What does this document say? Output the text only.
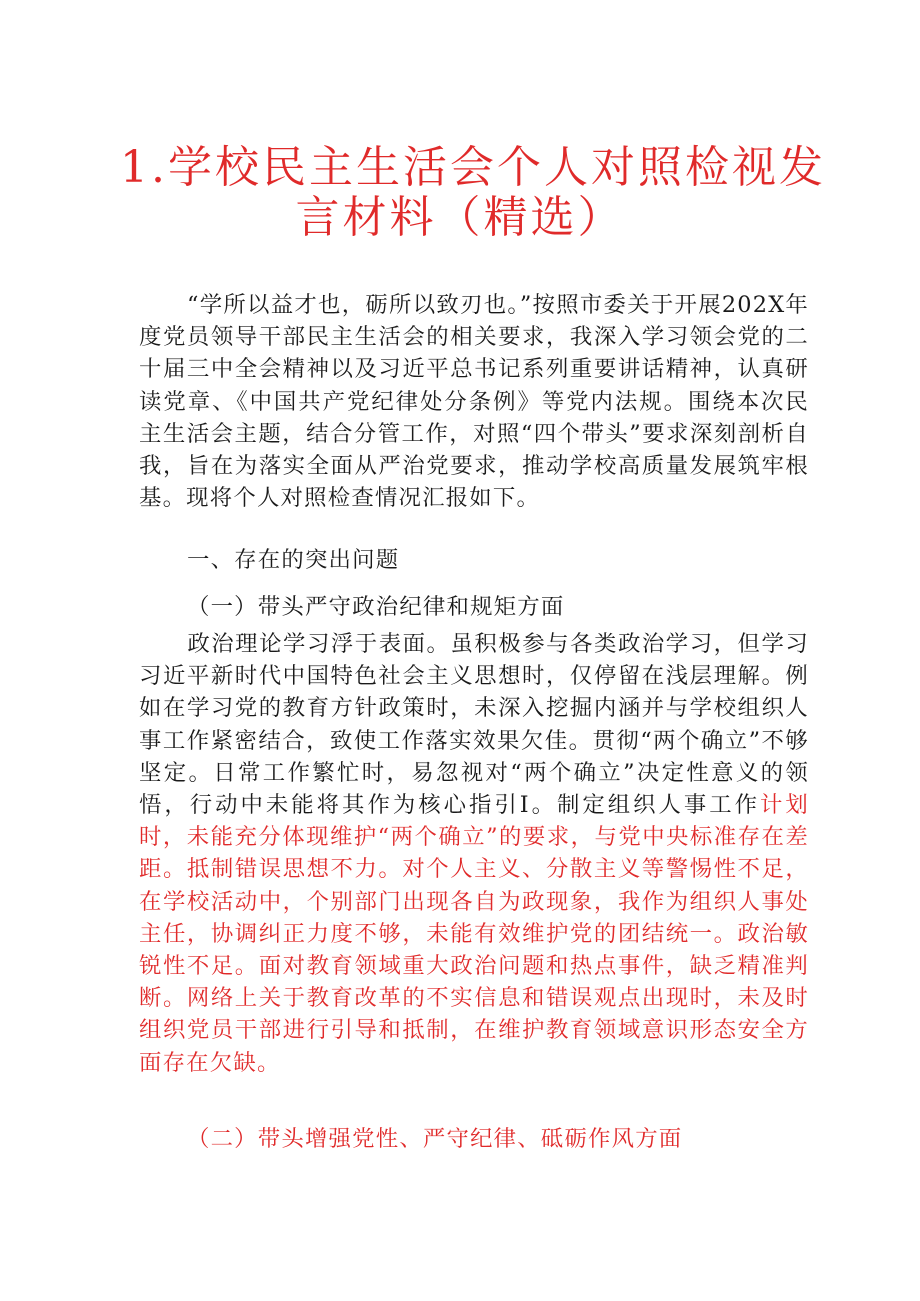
1.学校民主生活会个人对照检视发
言材料（精选）

“学所以益才也，砺所以致刃也。”按照市委关于开展202X年度党员领导干部民主生活会的相关要求，我深入学习领会党的二十届三中全会精神以及习近平总书记系列重要讲话精神，认真研读党章、《中国共产党纪律处分条例》等党内法规。围绕本次民主生活会主题，结合分管工作，对照“四个带头”要求深刻剖析自我，旨在为落实全面从严治党要求，推动学校高质量发展筑牢根基。现将个人对照检查情况汇报如下。

一、存在的突出问题

（一）带头严守政治纪律和规矩方面

政治理论学习浮于表面。虽积极参与各类政治学习，但学习习近平新时代中国特色社会主义思想时，仅停留在浅层理解。例如在学习党的教育方针政策时，未深入挖掘内涵并与学校组织人事工作紧密结合，致使工作落实效果欠佳。贯彻“两个确立”不够坚定。日常工作繁忙时，易忽视对“两个确立”决定性意义的领悟，行动中未能将其作为核心指引I。制定组织人事工作计划时，未能充分体现维护“两个确立”的要求，与党中央标准存在差距。抵制错误思想不力。对个人主义、分散主义等警惕性不足，在学校活动中，个别部门出现各自为政现象，我作为组织人事处主任，协调纠正力度不够，未能有效维护党的团结统一。政治敏锐性不足。面对教育领域重大政治问题和热点事件，缺乏精准判断。网络上关于教育改革的不实信息和错误观点出现时，未及时组织党员干部进行引导和抵制，在维护教育领域意识形态安全方面存在欠缺。

（二）带头增强党性、严守纪律、砥砺作风方面
